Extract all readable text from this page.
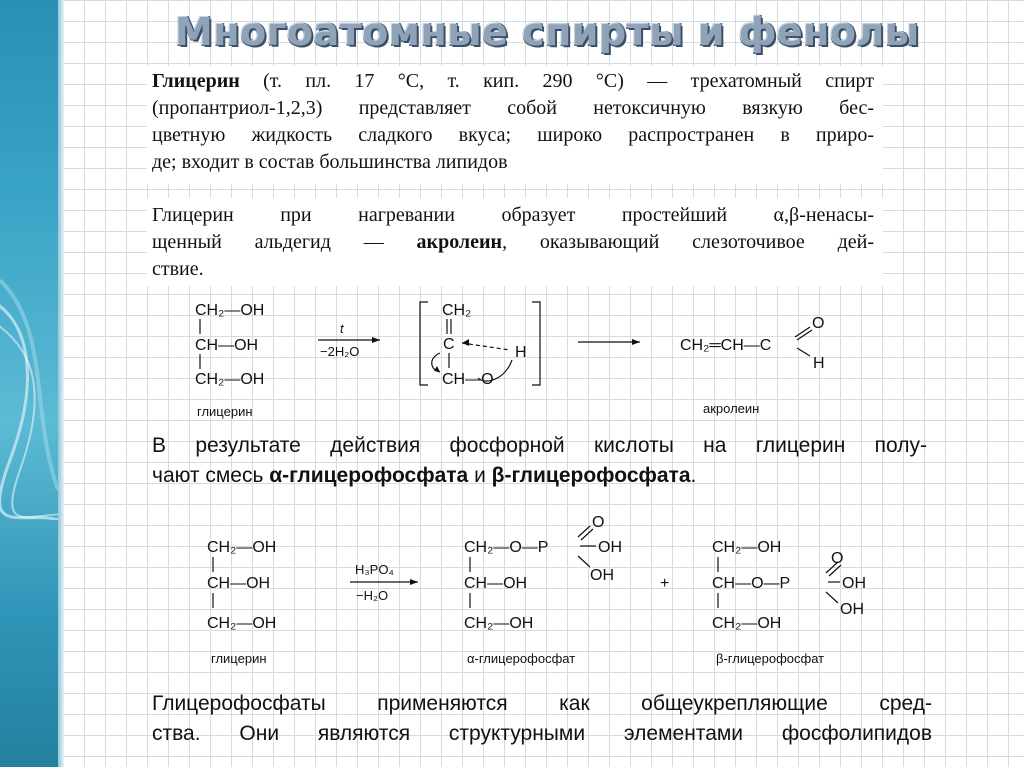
Многоатомные спирты и фенолы
Глицерин (т. пл. 17 °С, т. кип. 290 °С) — трехатомный спирт
(пропантриол-1,2,3) представляет собой нетоксичную вязкую бес-
цветную жидкость сладкого вкуса; широко распространен в приро-
де; входит в состав большинства липидов
Глицерин при нагревании образует простейший α,β-ненасы-
щенный альдегид — акролеин, оказывающий слезоточивое дей-
ствие.
CH₂—OH
CH—OH
CH₂—OH
глицерин
t
−2H₂O
CH₂
C
CH—O
H	CH₂═CH—C
O
H
акролеин
В результате действия фосфорной кислоты на глицерин полу-
чают смесь α-глицерофосфата и β-глицерофосфата.
CH₂—OH
CH—OH
CH₂—OH
глицерин
H₃PO₄
−H₂O
CH₂—O—P
O
OH
OH
CH—OH
CH₂—OH
α-глицерофосфат
+
CH₂—OH
CH—O—P
O
OH
OH
CH₂—OH
β-глицерофосфат
Глицерофосфаты применяются как общеукрепляющие сред-
ства. Они являются структурными элементами фосфолипидов
